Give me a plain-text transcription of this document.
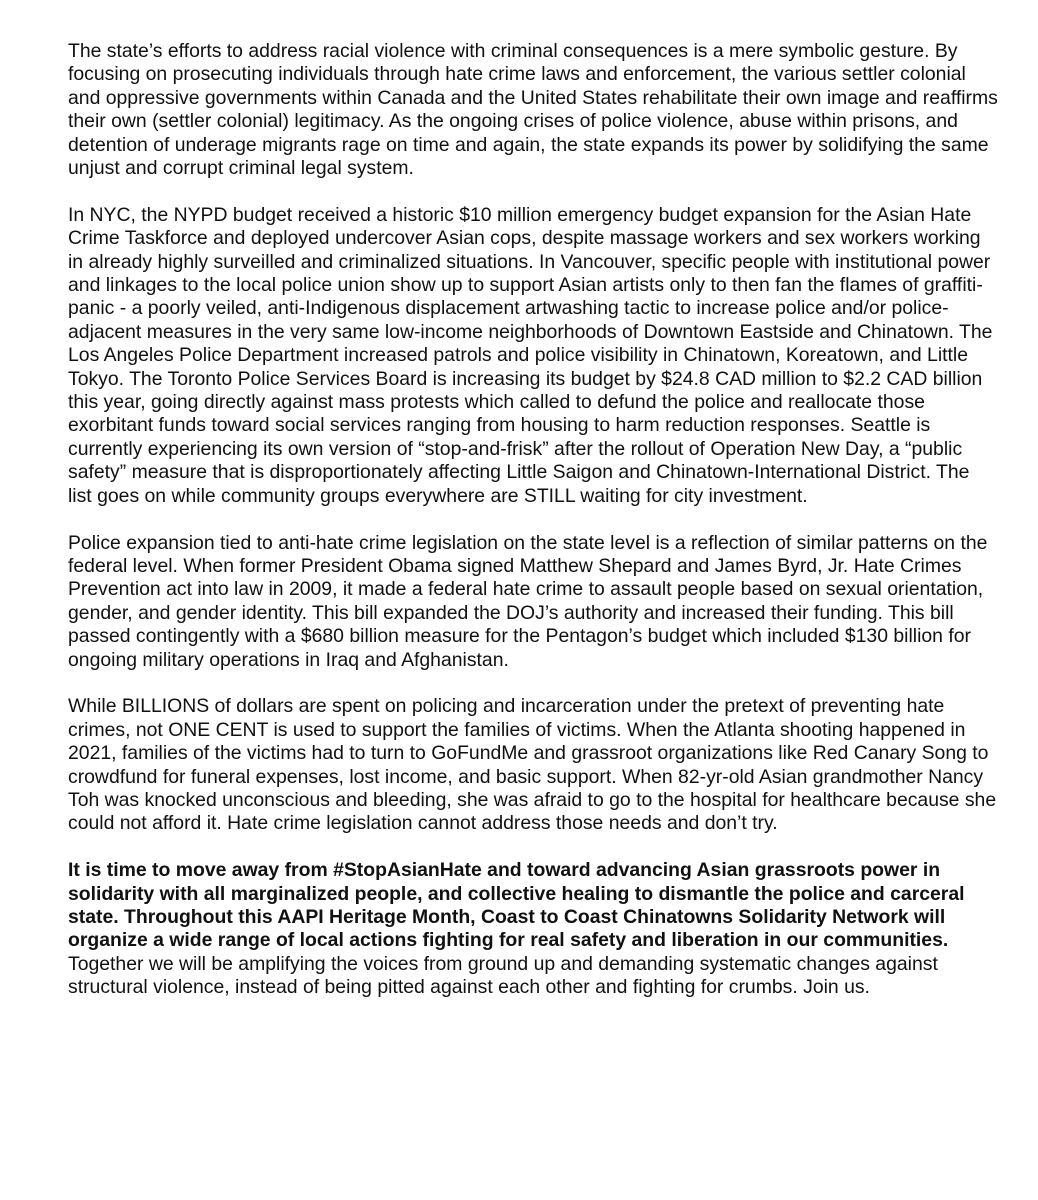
The state’s efforts to address racial violence with criminal consequences is a mere symbolic gesture. By focusing on prosecuting individuals through hate crime laws and enforcement, the various settler colonial and oppressive governments within Canada and the United States rehabilitate their own image and reaffirms their own (settler colonial) legitimacy. As the ongoing crises of police violence, abuse within prisons, and detention of underage migrants rage on time and again, the state expands its power by solidifying the same unjust and corrupt criminal legal system.

In NYC, the NYPD budget received a historic $10 million emergency budget expansion for the Asian Hate Crime Taskforce and deployed undercover Asian cops, despite massage workers and sex workers working in already highly surveilled and criminalized situations. In Vancouver, specific people with institutional power and linkages to the local police union show up to support Asian artists only to then fan the flames of graffiti-panic - a poorly veiled, anti-Indigenous displacement artwashing tactic to increase police and/or police-adjacent measures in the very same low-income neighborhoods of Downtown Eastside and Chinatown. The Los Angeles Police Department increased patrols and police visibility in Chinatown, Koreatown, and Little Tokyo. The Toronto Police Services Board is increasing its budget by $24.8 CAD million to $2.2 CAD billion this year, going directly against mass protests which called to defund the police and reallocate those exorbitant funds toward social services ranging from housing to harm reduction responses. Seattle is currently experiencing its own version of “stop-and-frisk” after the rollout of Operation New Day, a “public safety” measure that is disproportionately affecting Little Saigon and Chinatown-International District. The list goes on while community groups everywhere are STILL waiting for city investment.

Police expansion tied to anti-hate crime legislation on the state level is a reflection of similar patterns on the federal level. When former President Obama signed Matthew Shepard and James Byrd, Jr. Hate Crimes Prevention act into law in 2009, it made a federal hate crime to assault people based on sexual orientation, gender, and gender identity. This bill expanded the DOJ’s authority and increased their funding. This bill passed contingently with a $680 billion measure for the Pentagon’s budget which included $130 billion for ongoing military operations in Iraq and Afghanistan.

While BILLIONS of dollars are spent on policing and incarceration under the pretext of preventing hate crimes, not ONE CENT is used to support the families of victims. When the Atlanta shooting happened in 2021, families of the victims had to turn to GoFundMe and grassroot organizations like Red Canary Song to crowdfund for funeral expenses, lost income, and basic support. When 82-yr-old Asian grandmother Nancy Toh was knocked unconscious and bleeding, she was afraid to go to the hospital for healthcare because she could not afford it. Hate crime legislation cannot address those needs and don’t try.

It is time to move away from #StopAsianHate and toward advancing Asian grassroots power in solidarity with all marginalized people, and collective healing to dismantle the police and carceral state. Throughout this AAPI Heritage Month, Coast to Coast Chinatowns Solidarity Network will organize a wide range of local actions fighting for real safety and liberation in our communities. Together we will be amplifying the voices from ground up and demanding systematic changes against structural violence, instead of being pitted against each other and fighting for crumbs. Join us.
